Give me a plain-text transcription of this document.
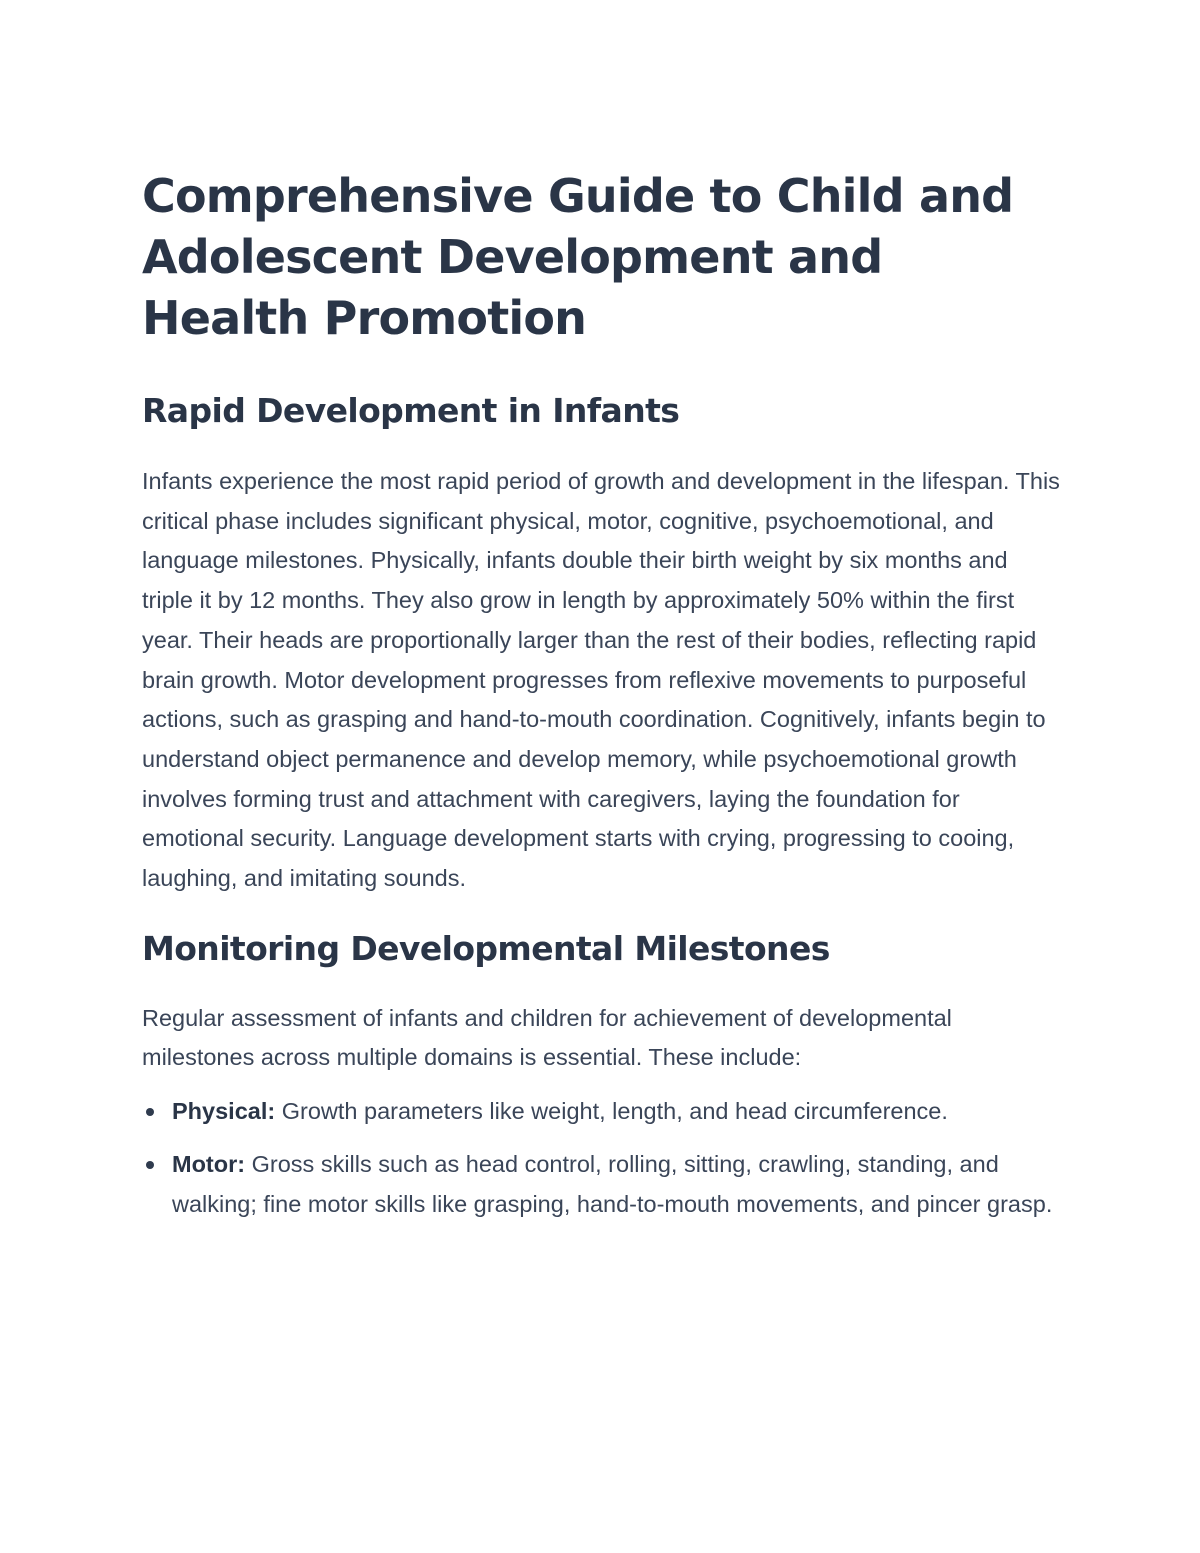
Comprehensive Guide to Child and Adolescent Development and Health Promotion
Rapid Development in Infants

Infants experience the most rapid period of growth and development in the lifespan. This critical phase includes significant physical, motor, cognitive, psychoemotional, and language milestones. Physically, infants double their birth weight by six months and triple it by 12 months. They also grow in length by approximately 50% within the first year. Their heads are proportionally larger than the rest of their bodies, reflecting rapid brain growth. Motor development progresses from reflexive movements to purposeful actions, such as grasping and hand-to-mouth coordination. Cognitively, infants begin to understand object permanence and develop memory, while psychoemotional growth involves forming trust and attachment with caregivers, laying the foundation for emotional security. Language development starts with crying, progressing to cooing, laughing, and imitating sounds.

Monitoring Developmental Milestones

Regular assessment of infants and children for achievement of developmental milestones across multiple domains is essential. These include:

Physical: Growth parameters like weight, length, and head circumference.
Motor: Gross skills such as head control, rolling, sitting, crawling, standing, and walking; fine motor skills like grasping, hand-to-mouth movements, and pincer grasp.
